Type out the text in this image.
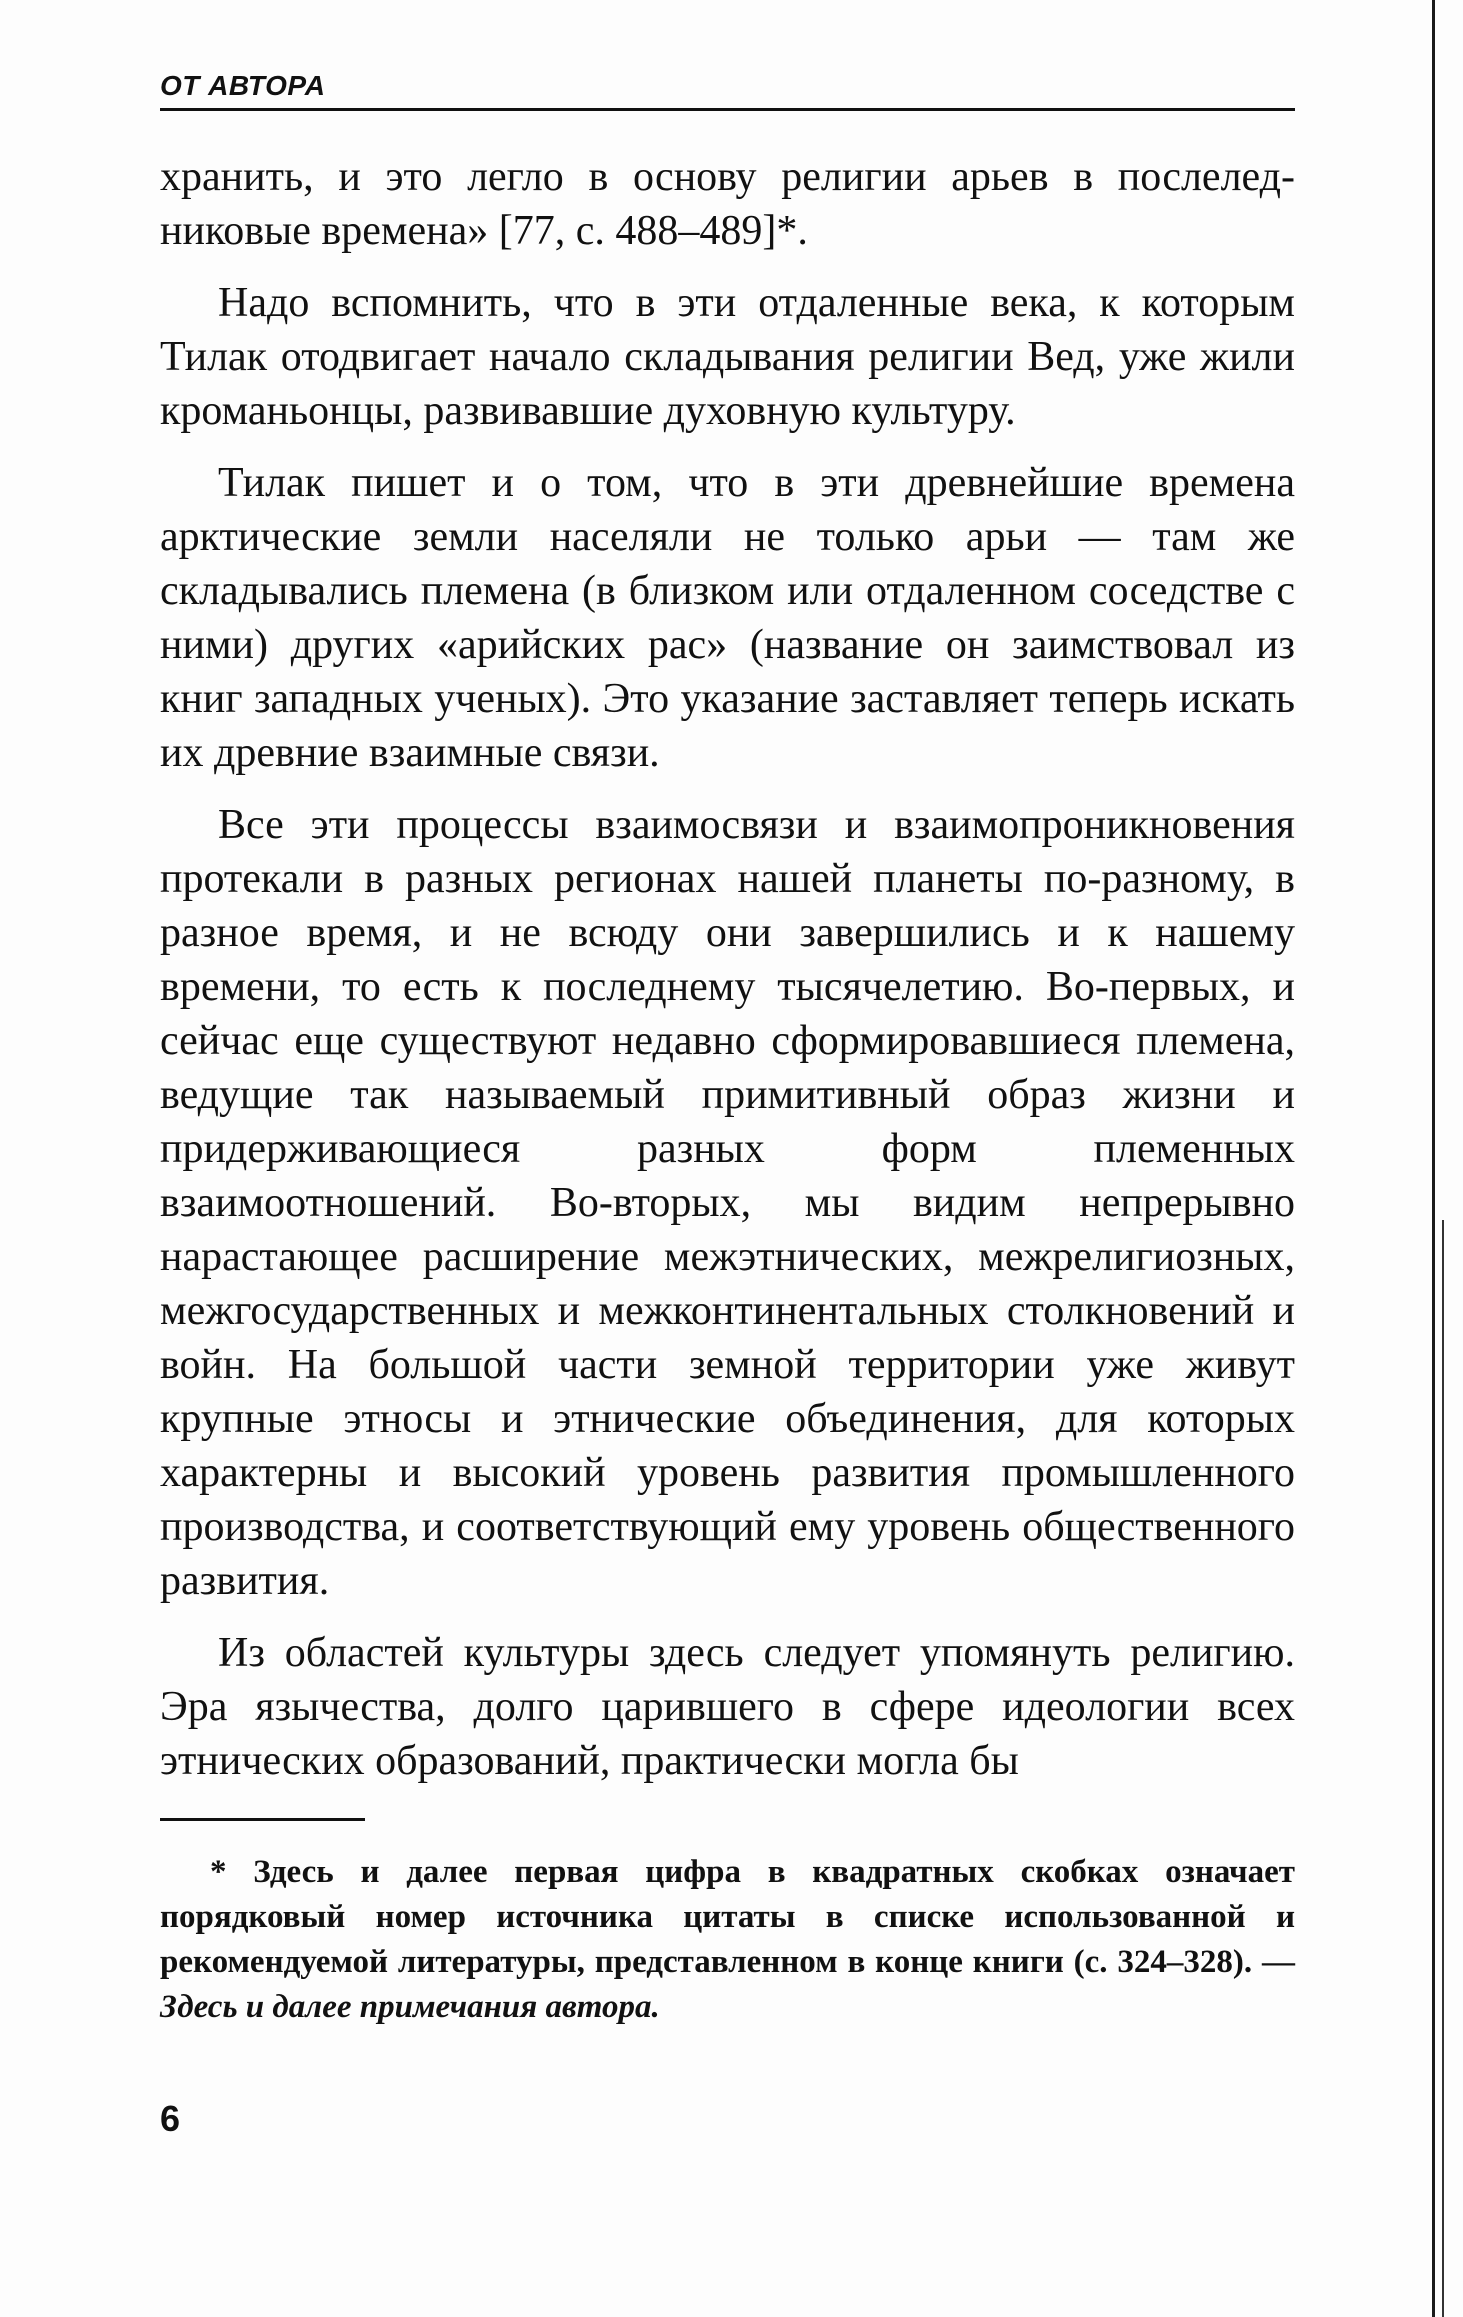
ОТ АВТОРА

хранить, и это легло в основу религии арьев в послеледниковые времена» [77, с. 488–489]*.

Надо вспомнить, что в эти отдаленные века, к которым Тилак отодвигает начало складывания религии Вед, уже жили кроманьонцы, развивавшие духовную культуру.

Тилак пишет и о том, что в эти древнейшие времена арктические земли населяли не только арьи — там же складывались племена (в близком или отдаленном соседстве с ними) других «арийских рас» (название он заимствовал из книг западных ученых). Это указание заставляет теперь искать их древние взаимные связи.

Все эти процессы взаимосвязи и взаимопроникновения протекали в разных регионах нашей планеты по-разному, в разное время, и не всюду они завершились и к нашему времени, то есть к последнему тысячелетию. Во-первых, и сейчас еще существуют недавно сформировавшиеся племена, ведущие так называемый примитивный образ жизни и придерживающиеся разных форм племенных взаимоотношений. Во-вторых, мы видим непрерывно нарастающее расширение межэтнических, межрелигиозных, межгосударственных и межконтинентальных столкновений и войн. На большой части земной территории уже живут крупные этносы и этнические объединения, для которых характерны и высокий уровень развития промышленного производства, и соответствующий ему уровень общественного развития.

Из областей культуры здесь следует упомянуть религию. Эра язычества, долго царившего в сфере идеологии всех этнических образований, практически могла бы

* Здесь и далее первая цифра в квадратных скобках означает порядковый номер источника цитаты в списке использованной и рекомендуемой литературы, представленном в конце книги (с. 324–328). — Здесь и далее примечания автора.
6
